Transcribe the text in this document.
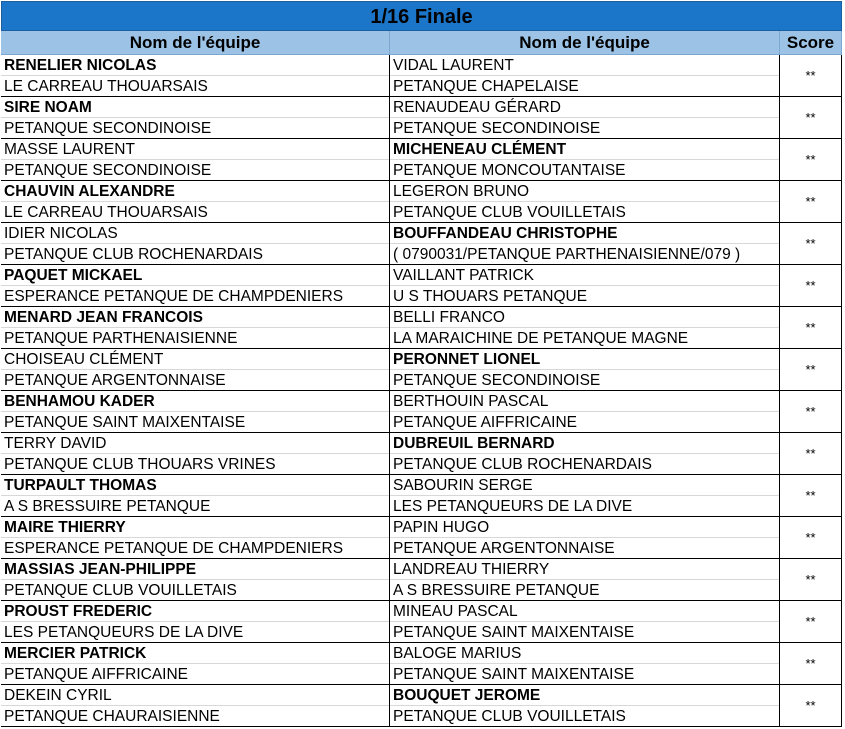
1/16 Finale
Nom de l'équipe	Nom de l'équipe	Score
RENELIER NICOLAS
LE CARREAU THOUARSAIS
VIDAL LAURENT
PETANQUE CHAPELAISE
**
SIRE NOAM
PETANQUE SECONDINOISE
RENAUDEAU GÉRARD
PETANQUE SECONDINOISE
**
MASSE LAURENT
PETANQUE SECONDINOISE
MICHENEAU CLÉMENT
PETANQUE MONCOUTANTAISE
**
CHAUVIN ALEXANDRE
LE CARREAU THOUARSAIS
LEGERON BRUNO
PETANQUE CLUB VOUILLETAIS
**
IDIER NICOLAS
PETANQUE CLUB ROCHENARDAIS
BOUFFANDEAU CHRISTOPHE
( 0790031/PETANQUE PARTHENAISIENNE/079 )
**
PAQUET MICKAEL
ESPERANCE PETANQUE DE CHAMPDENIERS
VAILLANT PATRICK
U S THOUARS PETANQUE
**
MENARD JEAN FRANCOIS
PETANQUE PARTHENAISIENNE
BELLI FRANCO
LA MARAICHINE DE PETANQUE MAGNE
**
CHOISEAU CLÉMENT
PETANQUE ARGENTONNAISE
PERONNET LIONEL
PETANQUE SECONDINOISE
**
BENHAMOU KADER
PETANQUE SAINT MAIXENTAISE
BERTHOUIN PASCAL
PETANQUE AIFFRICAINE
**
TERRY DAVID
PETANQUE CLUB THOUARS VRINES
DUBREUIL BERNARD
PETANQUE CLUB ROCHENARDAIS
**
TURPAULT THOMAS
A S BRESSUIRE PETANQUE
SABOURIN SERGE
LES PETANQUEURS DE LA DIVE
**
MAIRE THIERRY
ESPERANCE PETANQUE DE CHAMPDENIERS
PAPIN HUGO
PETANQUE ARGENTONNAISE
**
MASSIAS JEAN-PHILIPPE
PETANQUE CLUB VOUILLETAIS
LANDREAU THIERRY
A S BRESSUIRE PETANQUE
**
PROUST FREDERIC
LES PETANQUEURS DE LA DIVE
MINEAU PASCAL
PETANQUE SAINT MAIXENTAISE
**
MERCIER PATRICK
PETANQUE AIFFRICAINE
BALOGE MARIUS
PETANQUE SAINT MAIXENTAISE
**
DEKEIN CYRIL
PETANQUE CHAURAISIENNE
BOUQUET JEROME
PETANQUE CLUB VOUILLETAIS
**
